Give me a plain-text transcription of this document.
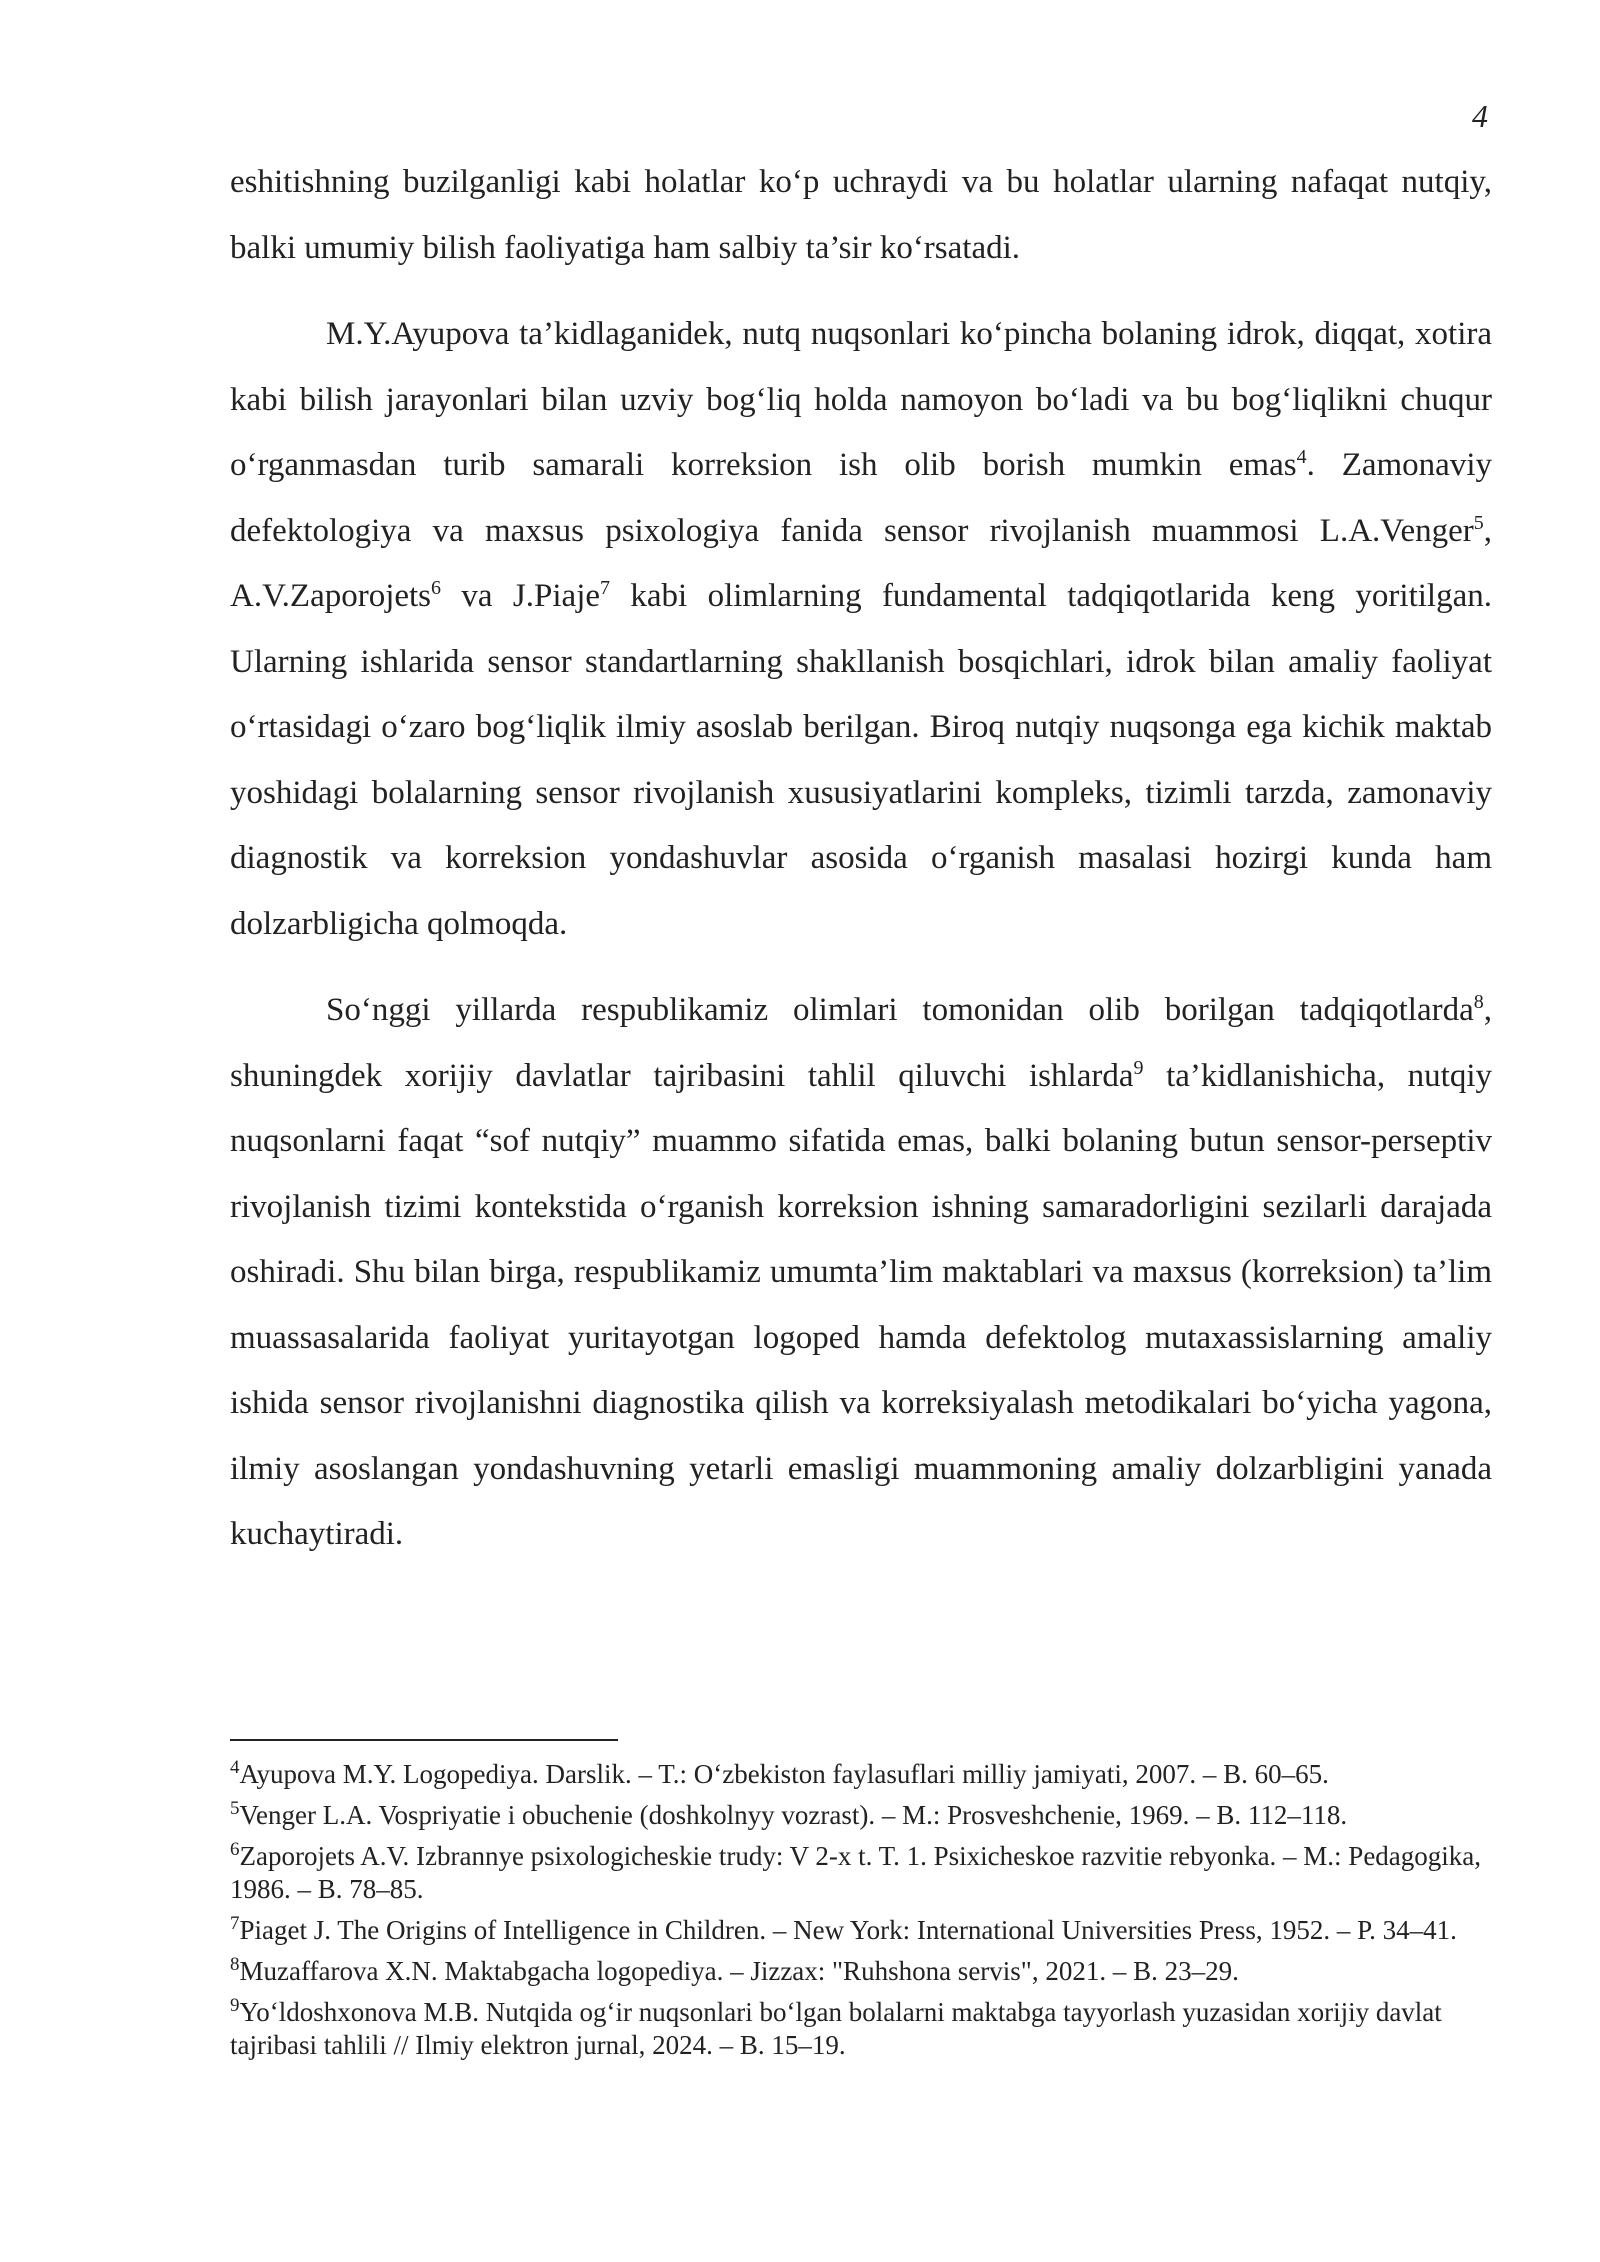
4

eshitishning buzilganligi kabi holatlar ko‘p uchraydi va bu holatlar ularning nafaqat nutqiy, balki umumiy bilish faoliyatiga ham salbiy ta’sir ko‘rsatadi.

M.Y.Ayupova ta’kidlaganidek, nutq nuqsonlari ko‘pincha bolaning idrok, diqqat, xotira kabi bilish jarayonlari bilan uzviy bog‘liq holda namoyon bo‘ladi va bu bog‘liqlikni chuqur o‘rganmasdan turib samarali korreksion ish olib borish mumkin emas$^4$. Zamonaviy defektologiya va maxsus psixologiya fanida sensor rivojlanish muammosi L.A.Venger$^5$, A.V.Zaporojets$^6$ va J.Piaje$^7$ kabi olimlarning fundamental tadqiqotlarida keng yoritilgan. Ularning ishlarida sensor standartlarning shakllanish bosqichlari, idrok bilan amaliy faoliyat o‘rtasidagi o‘zaro bog‘liqlik ilmiy asoslab berilgan. Biroq nutqiy nuqsonga ega kichik maktab yoshidagi bolalarning sensor rivojlanish xususiyatlarini kompleks, tizimli tarzda, zamonaviy diagnostik va korreksion yondashuvlar asosida o‘rganish masalasi hozirgi kunda ham dolzarbligicha qolmoqda.

So‘nggi yillarda respublikamiz olimlari tomonidan olib borilgan tadqiqotlarda$^8$, shuningdek xorijiy davlatlar tajribasini tahlil qiluvchi ishlarda$^9$ ta’kidlanishicha, nutqiy nuqsonlarni faqat “sof nutqiy” muammo sifatida emas, balki bolaning butun sensor-perseptiv rivojlanish tizimi kontekstida o‘rganish korreksion ishning samaradorligini sezilarli darajada oshiradi. Shu bilan birga, respublikamiz umumta’lim maktablari va maxsus (korreksion) ta’lim muassasalarida faoliyat yuritayotgan logoped hamda defektolog mutaxassislarning amaliy ishida sensor rivojlanishni diagnostika qilish va korreksiyalash metodikalari bo‘yicha yagona, ilmiy asoslangan yondashuvning yetarli emasligi muammoning amaliy dolzarbligini yanada kuchaytiradi.

$^4$Ayupova M.Y. Logopediya. Darslik. – T.: O‘zbekiston faylasuflari milliy jamiyati, 2007. – B. 60–65.
$^5$Venger L.A. Vospriyatie i obuchenie (doshkolnyy vozrast). – M.: Prosveshchenie, 1969. – B. 112–118.
$^6$Zaporojets A.V. Izbrannye psixologicheskie trudy: V 2-x t. T. 1. Psixicheskoe razvitie rebyonka. – M.: Pedagogika, 1986. – B. 78–85.
$^7$Piaget J. The Origins of Intelligence in Children. – New York: International Universities Press, 1952. – P. 34–41.
$^8$Muzaffarova X.N. Maktabgacha logopediya. – Jizzax: "Ruhshona servis", 2021. – B. 23–29.
$^9$Yo‘ldoshxonova M.B. Nutqida og‘ir nuqsonlari bo‘lgan bolalarni maktabga tayyorlash yuzasidan xorijiy davlat tajribasi tahlili // Ilmiy elektron jurnal, 2024. – B. 15–19.
